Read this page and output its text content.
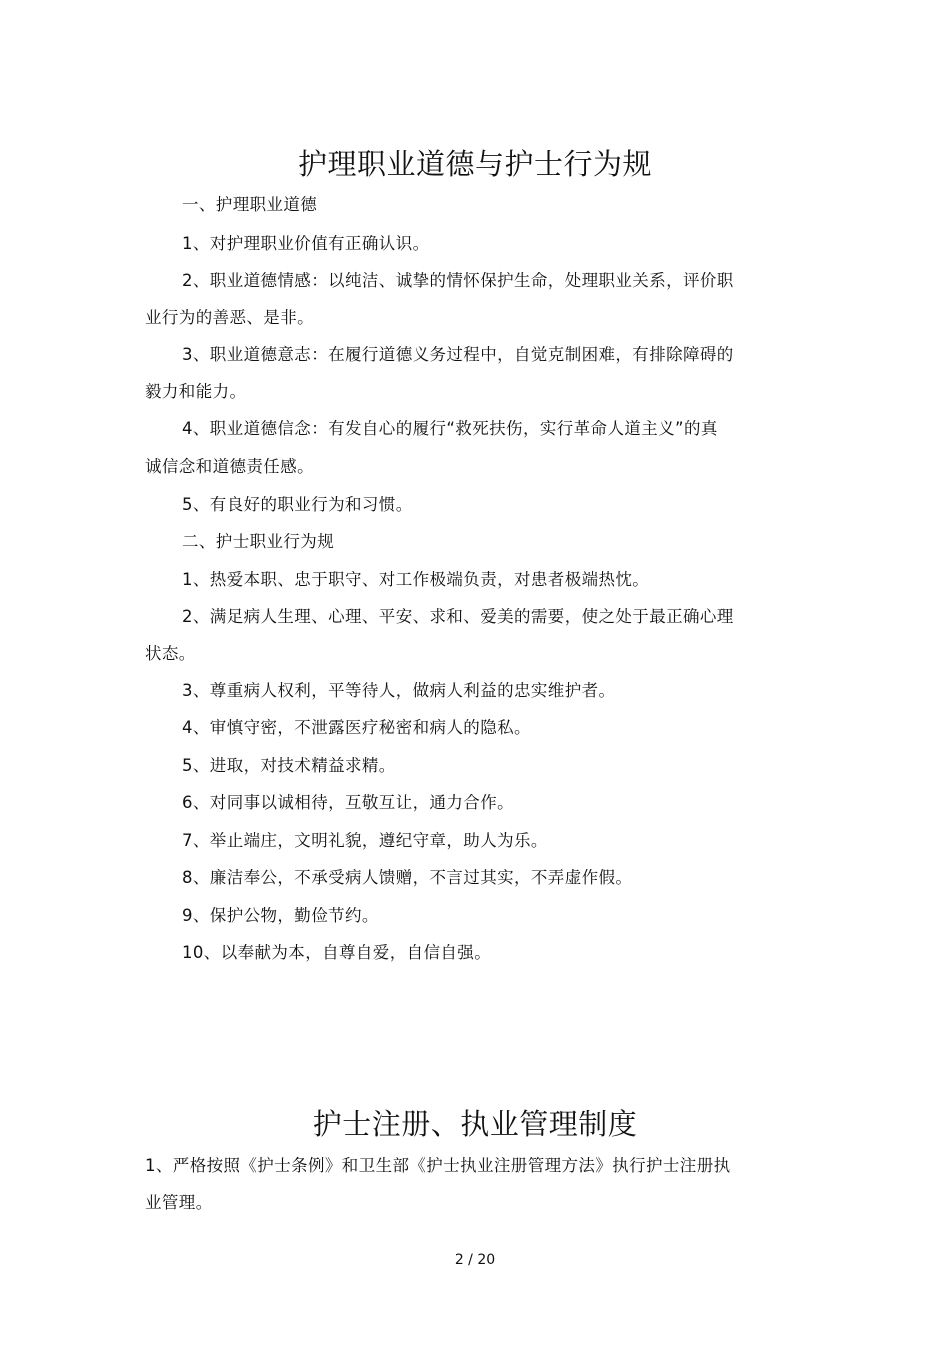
护理职业道德与护士行为规
一、护理职业道德
1、对护理职业价值有正确认识。
2、职业道德情感：以纯洁、诚挚的情怀保护生命，处理职业关系，评价职
业行为的善恶、是非。
3、职业道德意志：在履行道德义务过程中，自觉克制困难，有排除障碍的
毅力和能力。
4、职业道德信念：有发自心的履行“救死扶伤，实行革命人道主义”的真
诚信念和道德责任感。
5、有良好的职业行为和习惯。
二、护士职业行为规
1、热爱本职、忠于职守、对工作极端负责，对患者极端热忱。
2、满足病人生理、心理、平安、求和、爱美的需要，使之处于最正确心理
状态。
3、尊重病人权利，平等待人，做病人利益的忠实维护者。
4、审慎守密，不泄露医疗秘密和病人的隐私。
5、进取，对技术精益求精。
6、对同事以诚相待，互敬互让，通力合作。
7、举止端庄，文明礼貌，遵纪守章，助人为乐。
8、廉洁奉公，不承受病人馈赠，不言过其实，不弄虚作假。
9、保护公物，勤俭节约。
10、以奉献为本，自尊自爱，自信自强。
护士注册、执业管理制度
1、严格按照《护士条例》和卫生部《护士执业注册管理方法》执行护士注册执
业管理。
2 / 20
